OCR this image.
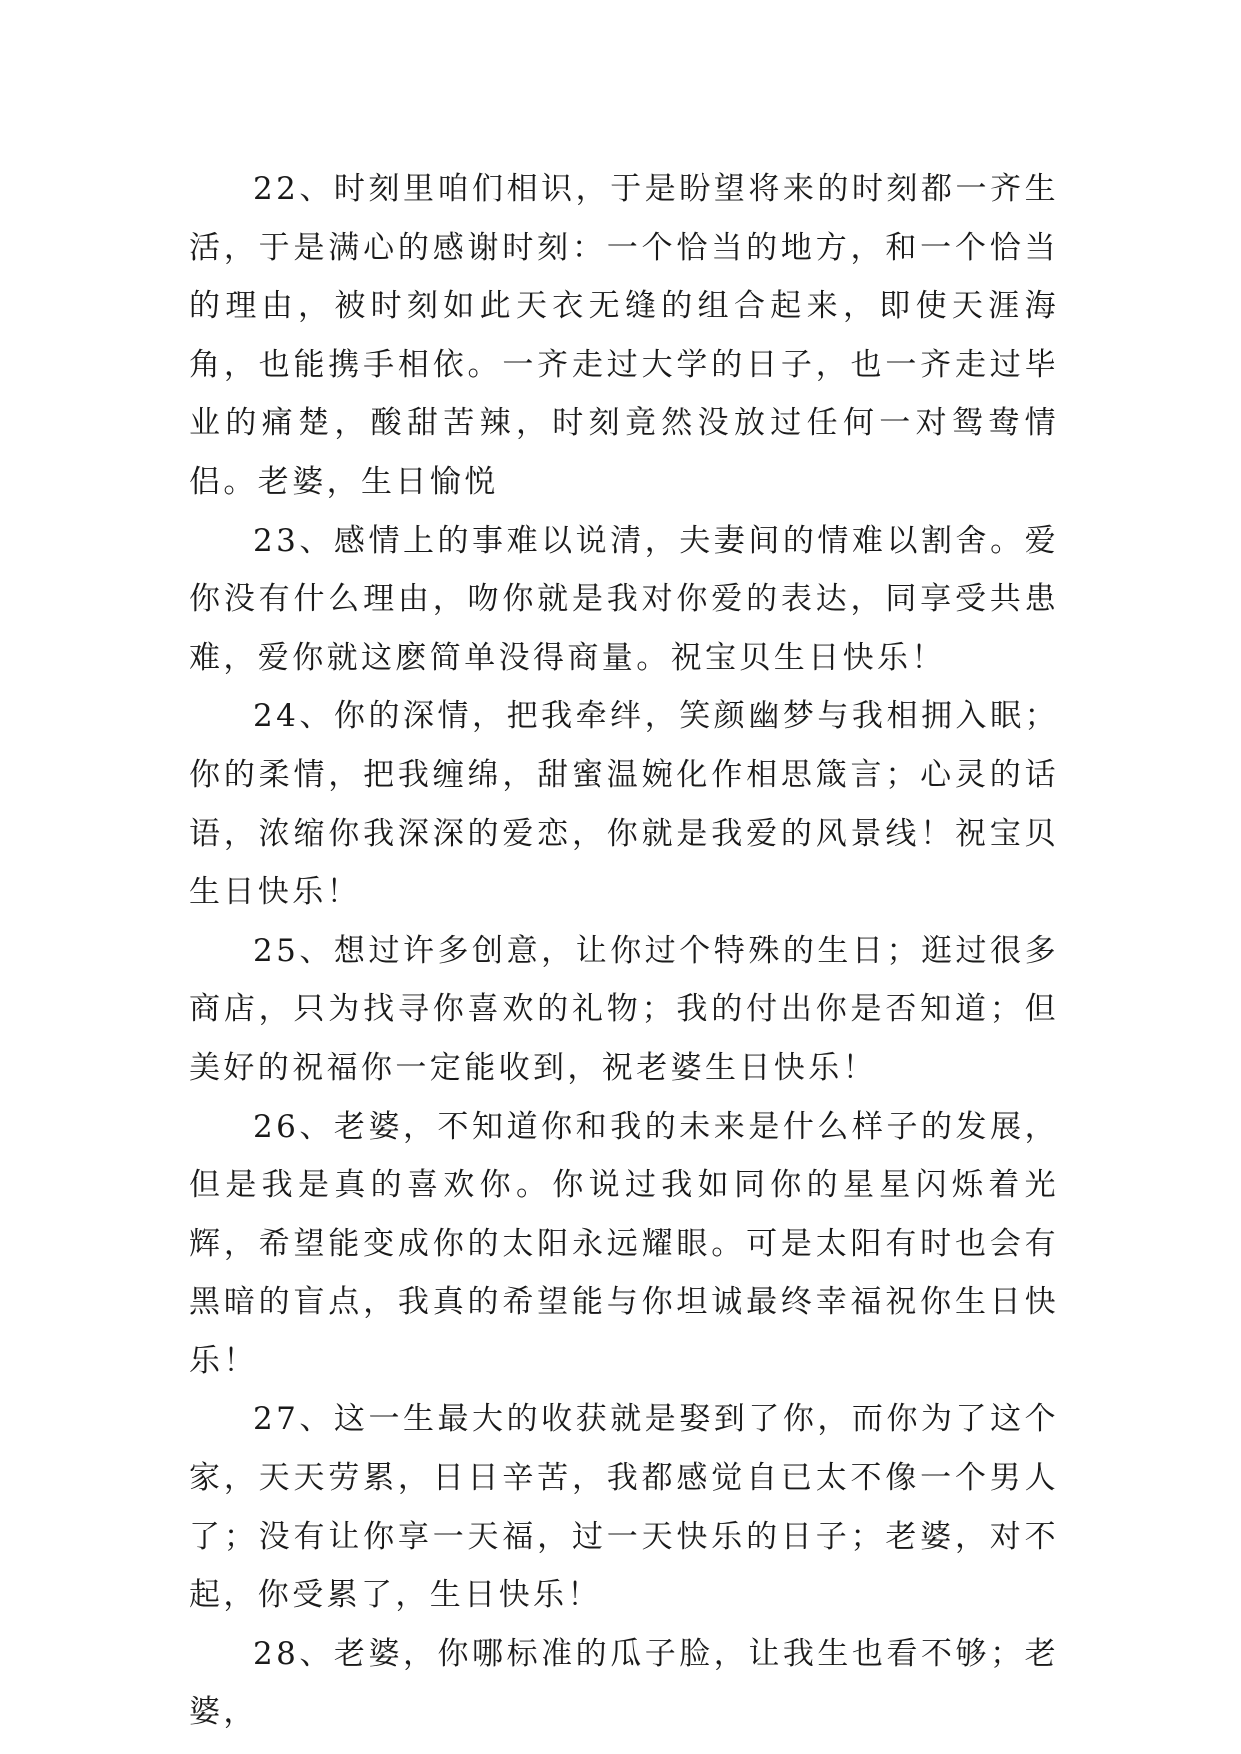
22、时刻里咱们相识，于是盼望将来的时刻都一齐生活，于是满心的感谢时刻：一个恰当的地方，和一个恰当的理由，被时刻如此天衣无缝的组合起来，即使天涯海角，也能携手相依。一齐走过大学的日子，也一齐走过毕业的痛楚，酸甜苦辣，时刻竟然没放过任何一对鸳鸯情侣。老婆，生日愉悦

23、感情上的事难以说清，夫妻间的情难以割舍。爱你没有什么理由，吻你就是我对你爱的表达，同享受共患难，爱你就这麽简单没得商量。祝宝贝生日快乐！

24、你的深情，把我牵绊，笑颜幽梦与我相拥入眠；你的柔情，把我缠绵，甜蜜温婉化作相思箴言；心灵的话语，浓缩你我深深的爱恋，你就是我爱的风景线！祝宝贝生日快乐！

25、想过许多创意，让你过个特殊的生日；逛过很多商店，只为找寻你喜欢的礼物；我的付出你是否知道；但美好的祝福你一定能收到，祝老婆生日快乐！

26、老婆，不知道你和我的未来是什么样子的发展，但是我是真的喜欢你。你说过我如同你的星星闪烁着光辉，希望能变成你的太阳永远耀眼。可是太阳有时也会有黑暗的盲点，我真的希望能与你坦诚最终幸福祝你生日快乐！

27、这一生最大的收获就是娶到了你，而你为了这个家，天天劳累，日日辛苦，我都感觉自已太不像一个男人了；没有让你享一天福，过一天快乐的日子；老婆，对不起，你受累了，生日快乐！

28、老婆，你哪标准的瓜子脸，让我生也看不够；老婆，
